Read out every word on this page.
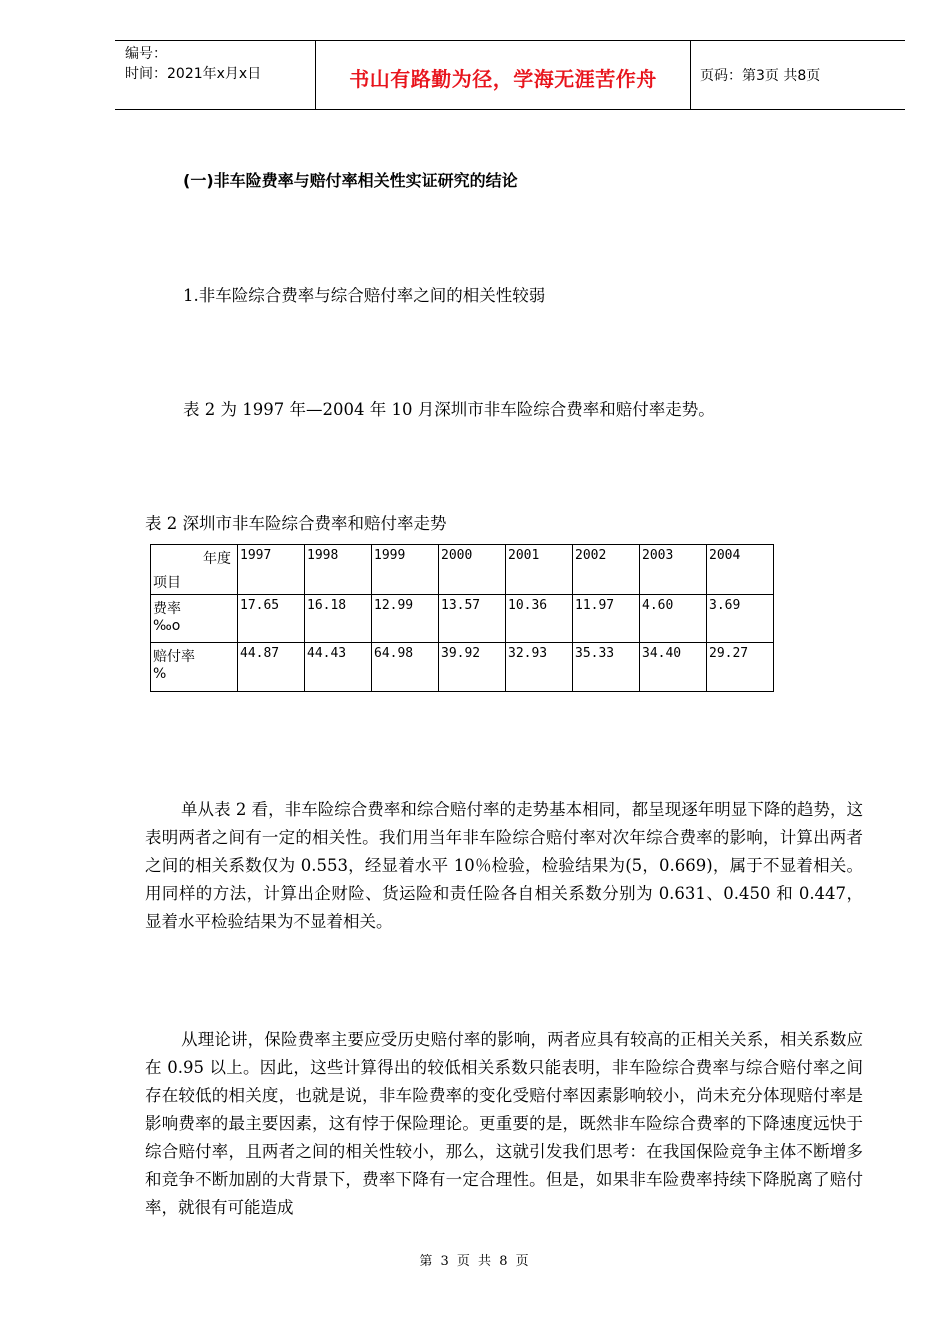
编号：
时间：2021年x月x日	书山有路勤为径，学海无涯苦作舟	页码：第3页 共8页
(一)非车险费率与赔付率相关性实证研究的结论
1.非车险综合费率与综合赔付率之间的相关性较弱
表 2 为 1997 年—2004 年 10 月深圳市非车险综合费率和赔付率走势。
表 2 深圳市非车险综合费率和赔付率走势
年度
项目	1997	1998	1999	2000	2001	2002	2003	2004

费率
‰o	17.65	16.18	12.99	13.57	10.36	11.97	4.60	3.69

赔付率
%	44.87	44.43	64.98	39.92	32.93	35.33	34.40	29.27
单从表 2 看，非车险综合费率和综合赔付率的走势基本相同，都呈现逐年明显下降的趋势，这表明两者之间有一定的相关性。我们用当年非车险综合赔付率对次年综合费率的影响，计算出两者之间的相关系数仅为 0.553，经显着水平 10％检验，检验结果为(5，0.669)，属于不显着相关。用同样的方法，计算出企财险、货运险和责任险各自相关系数分别为 0.631、0.450 和 0.447，显着水平检验结果为不显着相关。
从理论讲，保险费率主要应受历史赔付率的影响，两者应具有较高的正相关关系，相关系数应在 0.95 以上。因此，这些计算得出的较低相关系数只能表明，非车险综合费率与综合赔付率之间存在较低的相关度，也就是说，非车险费率的变化受赔付率因素影响较小，尚未充分体现赔付率是影响费率的最主要因素，这有悖于保险理论。更重要的是，既然非车险综合费率的下降速度远快于综合赔付率，且两者之间的相关性较小，那么，这就引发我们思考：在我国保险竞争主体不断增多和竞争不断加剧的大背景下，费率下降有一定合理性。但是，如果非车险费率持续下降脱离了赔付率，就很有可能造成
第 3 页 共 8 页
